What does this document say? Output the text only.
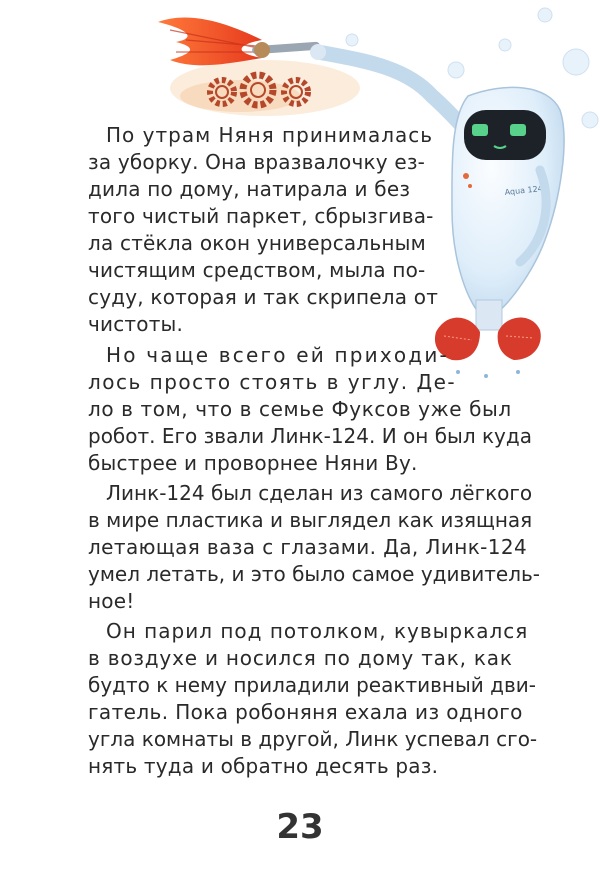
Aqua 124

По утрам Няня принималась

за уборку. Она вразвалочку ез-

дила по дому, натирала и без

того чистый паркет, сбрызгива-

ла стёкла окон универсальным

чистящим средством, мыла по-

суду, которая и так скрипела от

чистоты.

Но чаще всего ей приходи-

лось просто стоять в углу. Де-

ло в том, что в семье Фуксов уже был

робот. Его звали Линк-124. И он был куда

быстрее и проворнее Няни Ву.

Линк-124 был сделан из самого лёгкого

в мире пластика и выглядел как изящная

летающая ваза с глазами. Да, Линк-124

умел летать, и это было самое удивитель-

ное!

Он парил под потолком, кувыркался

в воздухе и носился по дому так, как

будто к нему приладили реактивный дви-

гатель. Пока робоняня ехала из одного

угла комнаты в другой, Линк успевал сго-

нять туда и обратно десять раз.

23
